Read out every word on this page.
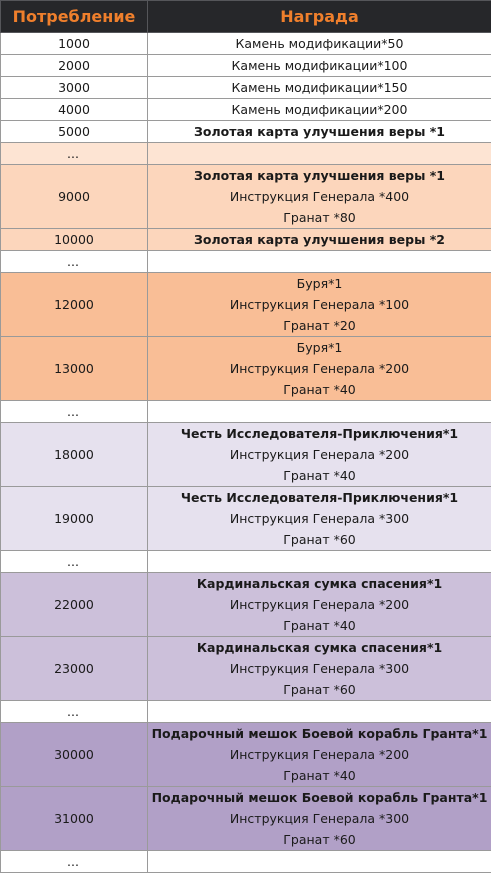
Потребление	Награда

1000	Камень модификации*50

2000	Камень модификации*100

3000	Камень модификации*150

4000	Камень модификации*200

5000	Золотая карта улучшения веры *1

...	

9000	Золотая карта улучшения веры *1
Инструкция Генерала *400
Гранат *80

10000	Золотая карта улучшения веры *2

...	

12000	Буря*1
Инструкция Генерала *100
Гранат *20

13000	Буря*1
Инструкция Генерала *200
Гранат *40

...	

18000	Честь Исследователя-Приключения*1
Инструкция Генерала *200
Гранат *40

19000	Честь Исследователя-Приключения*1
Инструкция Генерала *300
Гранат *60

...	

22000	Кардинальская сумка спасения*1
Инструкция Генерала *200
Гранат *40

23000	Кардинальская сумка спасения*1
Инструкция Генерала *300
Гранат *60

...	

30000	Подарочный мешок Боевой корабль Гранта*1
Инструкция Генерала *200
Гранат *40

31000	Подарочный мешок Боевой корабль Гранта*1
Инструкция Генерала *300
Гранат *60

...	
